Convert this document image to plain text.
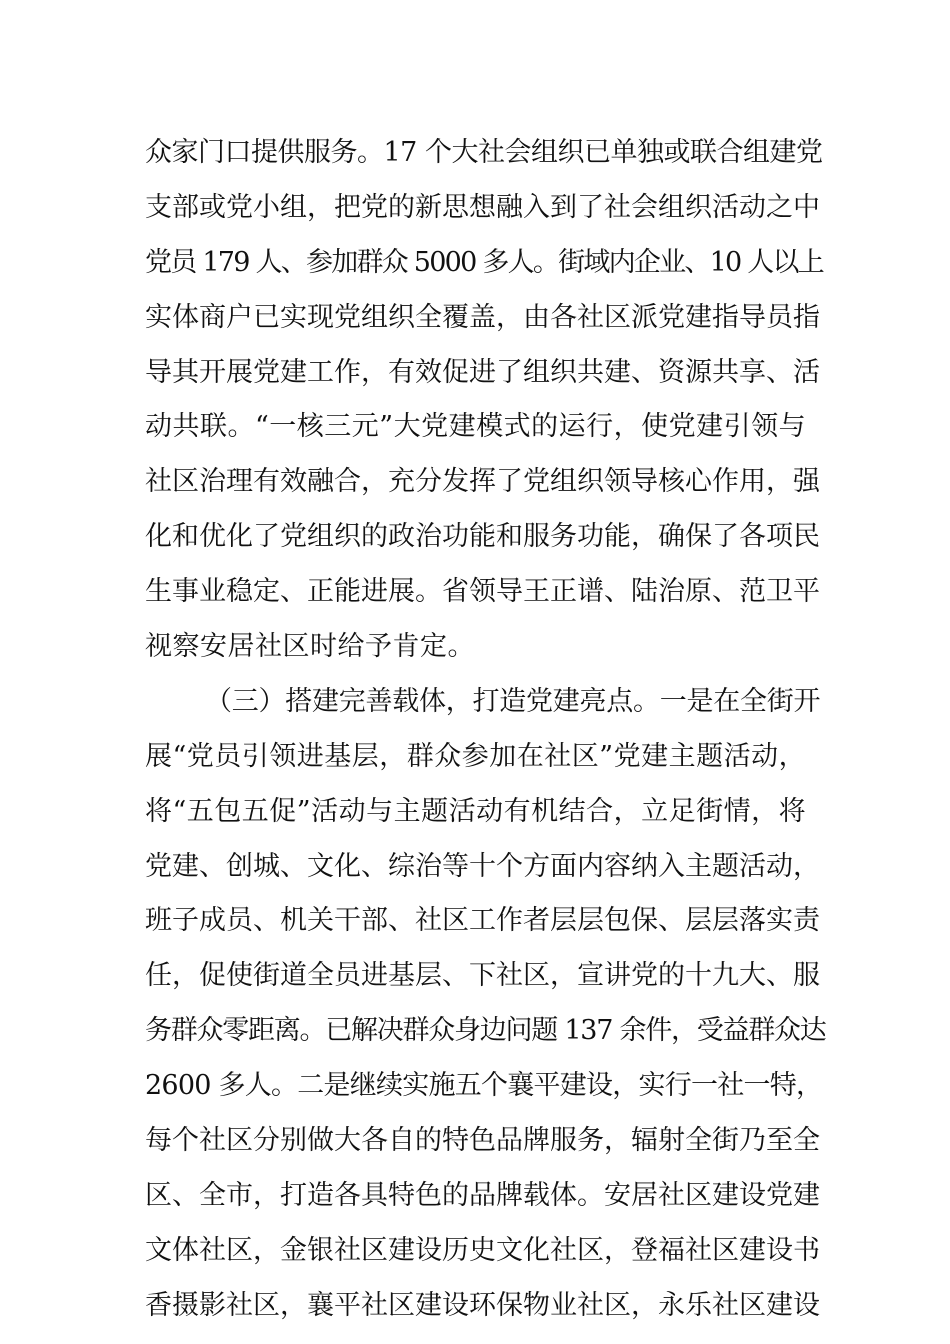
众家门口提供服务。17 个大社会组织已单独或联合组建党
支部或党小组，把党的新思想融入到了社会组织活动之中
党员 179 人、参加群众 5000 多人。街域内企业、10 人以上
实体商户已实现党组织全覆盖，由各社区派党建指导员指
导其开展党建工作，有效促进了组织共建、资源共享、活
动共联。“一核三元”大党建模式的运行，使党建引领与
社区治理有效融合，充分发挥了党组织领导核心作用，强
化和优化了党组织的政治功能和服务功能，确保了各项民
生事业稳定、正能进展。省领导王正谱、陆治原、范卫平
视察安居社区时给予肯定。
（三）搭建完善载体，打造党建亮点。一是在全街开
展“党员引领进基层，群众参加在社区”党建主题活动，
将“五包五促”活动与主题活动有机结合，立足街情，将
党建、创城、文化、综治等十个方面内容纳入主题活动，
班子成员、机关干部、社区工作者层层包保、层层落实责
任，促使街道全员进基层、下社区，宣讲党的十九大、服
务群众零距离。已解决群众身边问题 137 余件，受益群众达
2600 多人。二是继续实施五个襄平建设，实行一社一特，
每个社区分别做大各自的特色品牌服务，辐射全街乃至全
区、全市，打造各具特色的品牌载体。安居社区建设党建
文体社区，金银社区建设历史文化社区，登福社区建设书
香摄影社区，襄平社区建设环保物业社区，永乐社区建设
